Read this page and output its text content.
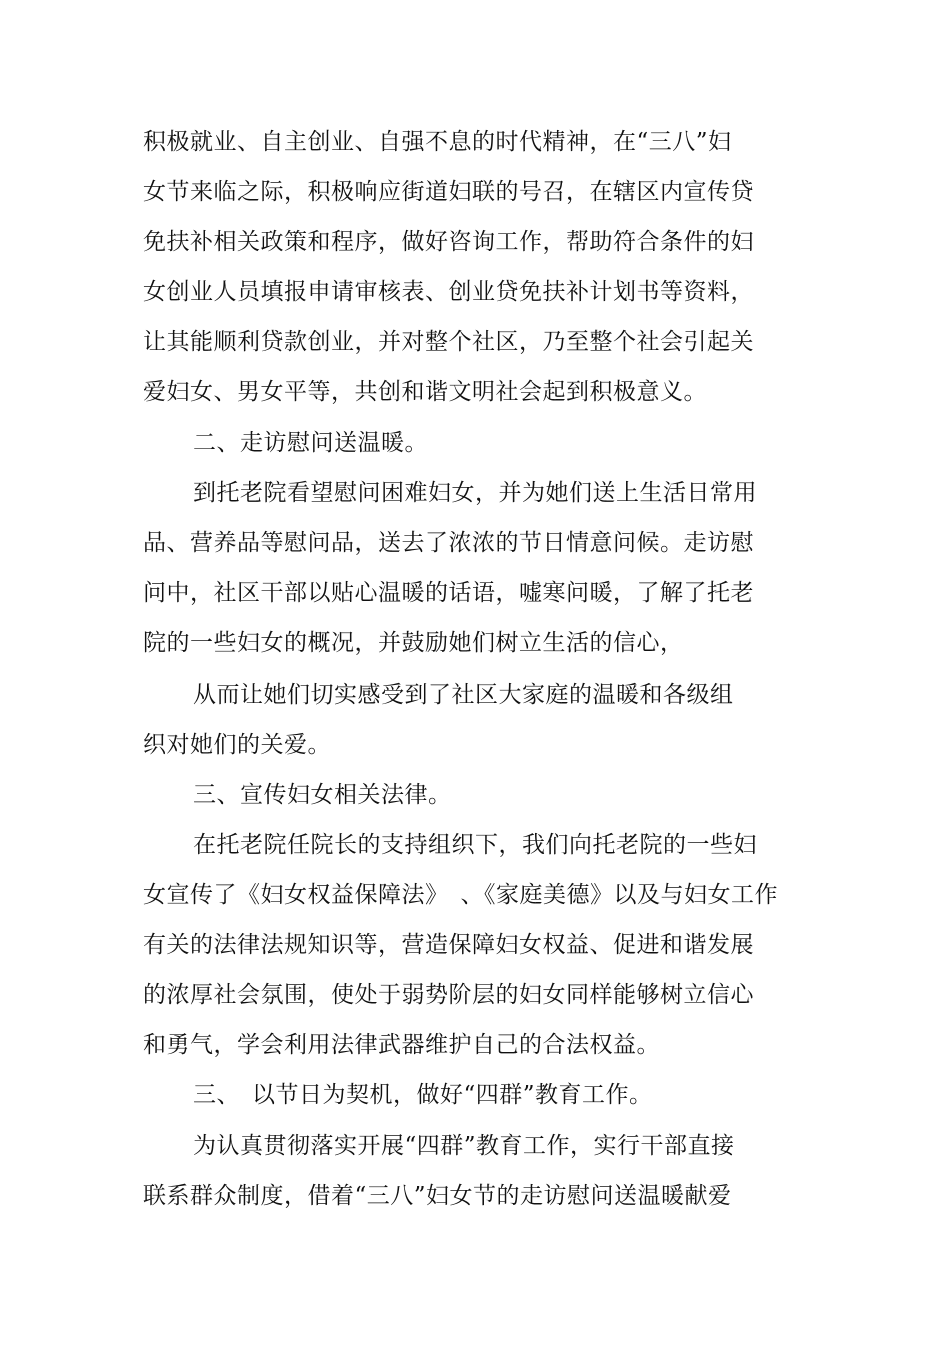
积极就业、自主创业、自强不息的时代精神，在“三八”妇
女节来临之际，积极响应街道妇联的号召，在辖区内宣传贷
免扶补相关政策和程序，做好咨询工作，帮助符合条件的妇
女创业人员填报申请审核表、创业贷免扶补计划书等资料，
让其能顺利贷款创业，并对整个社区，乃至整个社会引起关
爱妇女、男女平等，共创和谐文明社会起到积极意义。
二、走访慰问送温暖。
到托老院看望慰问困难妇女，并为她们送上生活日常用
品、营养品等慰问品，送去了浓浓的节日情意问候。走访慰
问中，社区干部以贴心温暖的话语，嘘寒问暖，了解了托老
院的一些妇女的概况，并鼓励她们树立生活的信心，
从而让她们切实感受到了社区大家庭的温暖和各级组
织对她们的关爱。
三、宣传妇女相关法律。
在托老院任院长的支持组织下，我们向托老院的一些妇
女宣传了《妇女权益保障法》　、《家庭美德》以及与妇女工作
有关的法律法规知识等，营造保障妇女权益、促进和谐发展
的浓厚社会氛围，使处于弱势阶层的妇女同样能够树立信心
和勇气，学会利用法律武器维护自己的合法权益。
三、　以节日为契机，做好“四群”教育工作。
为认真贯彻落实开展“四群”教育工作，实行干部直接
联系群众制度，借着“三八”妇女节的走访慰问送温暖献爱
